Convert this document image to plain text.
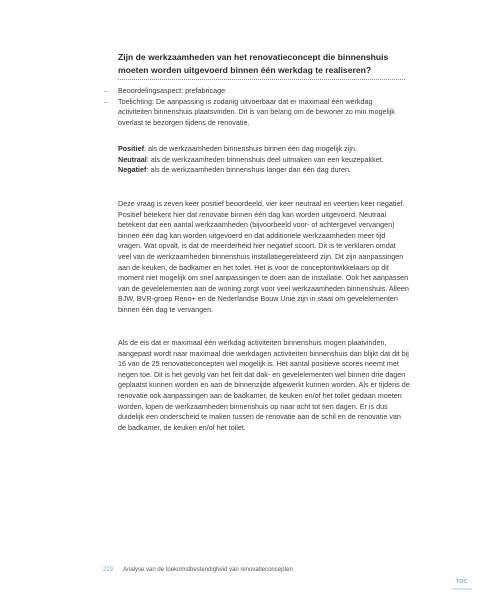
Zijn de werkzaamheden van het renovatieconcept die binnenshuis
moeten worden uitgevoerd binnen één werkdag te realiseren?
– Beoordelingsaspect: prefabricage
– Toelichting: De aanpassing is zodanig uitvoerbaar dat er maximaal één werkdag activiteiten binnenshuis plaatsvinden. Dit is van belang om de bewoner zo min mogelijk overlast te bezorgen tijdens de renovatie.
Positief: als de werkzaamheden binnenshuis binnen één dag mogelijk zijn.
Neutraal: als de werkzaamheden binnenshuis deel uitmaken van een keuzepakket.
Negatief: als de werkzaamheden binnenshuis langer dan één dag duren.
Deze vraag is zeven keer positief beoordeeld, vier keer neutraal en veertien keer negatief. Positief betekent hier dat renovatie binnen één dag kan worden uitgevoerd. Neutraal betekent dat een aantal werkzaamheden (bijvoorbeeld voor- of achtergevel vervangen) binnen één dag kan worden uitgevoerd en dat additionele werkzaamheden meer tijd vragen. Wat opvalt, is dat de meerderheid hier negatief scoort. Dit is te verklaren omdat veel van de werkzaamheden binnenshuis installatiegerelateerd zijn. Dit zijn aanpassingen aan de keuken, de badkamer en het toilet. Het is voor de conceptontwikkelaars op dit moment niet mogelijk om snel aanpassingen te doen aan de installatie. Ook het aanpassen van de gevelelementen aan de woning zorgt voor veel werkzaamheden binnenshuis. Alleen BJW, BVR-groep Reno+ en de Nederlandse Bouw Unie zijn in staat om gevelelementen binnen één dag te vervangen.
Als de eis dat er maximaal één werkdag activiteiten binnenshuis mogen plaatvinden, aangepast wordt naar maximaal drie werkdagen activiteiten binnenshuis dan blijkt dat dit bij 16 van de 25 renovatieconcepten wel mogelijk is. Het aantal positieve scores neemt met negen toe. Dit is het gevolg van het feit dat dak- en gevelelementen wel binnen drie dagen geplaatst kunnen worden en aan de binnenzijde afgewerkt kunnen worden. Als er tijdens de renovatie ook aanpassingen aan de badkamer, de keuken en/of het toilet gedaan moeten worden, lopen de werkzaamheden binnenshuis op naar acht tot tien dagen. Er is dus duidelijk een onderscheid te maken tussen de renovatie aan de schil en de renovatie van de badkamer, de keuken en/of het toilet.
219 Analyse van de toekomstbestendigheid van renovatieconcepten
TOC
